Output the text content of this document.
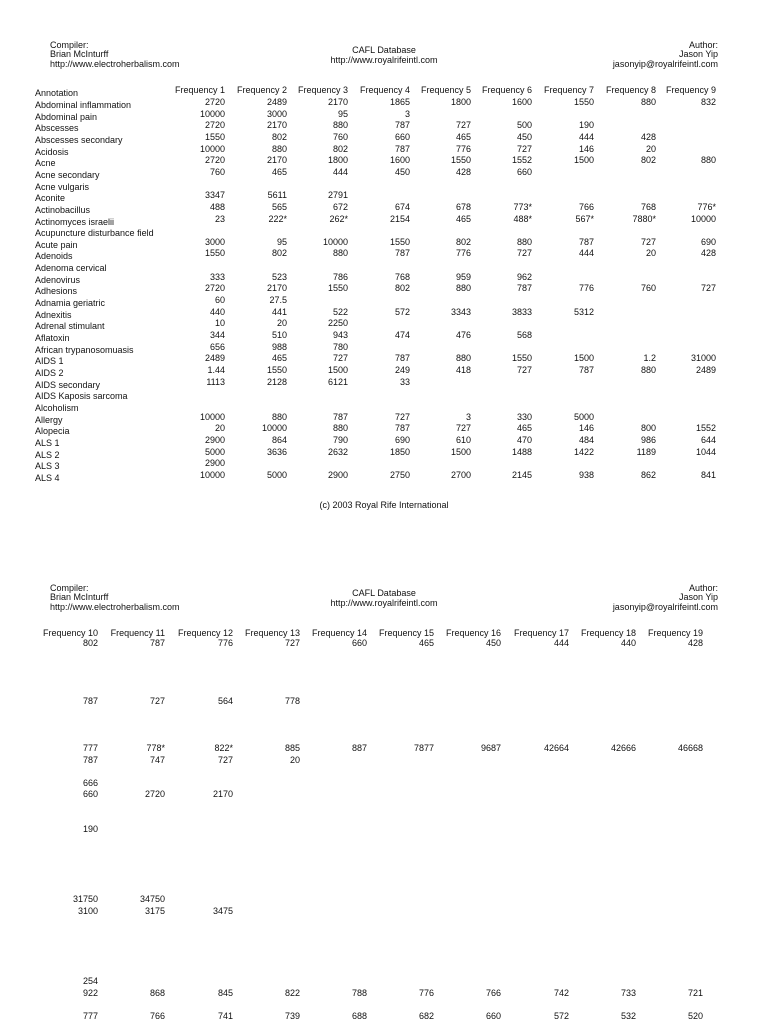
Compiler:
Brian McInturff
http://www.electroherbalism.com
CAFL Database
http://www.royalrifeintl.com
Author:
Jason Yip
jasonyip@royalrifeintl.com
Annotation	Frequency 1 Frequency 2 Frequency 3 Frequency 4 Frequency 5 Frequency 6 Frequency 7 Frequency 8 Frequency 9
Abdominal inflammation	2720	2489	2170	1865	1800	1600	1550	880	832
Abdominal pain	10000	3000	95	3
Abscesses	2720	2170	880	787	727	500	190
Abscesses secondary	1550	802	760	660	465	450	444	428
Acidosis	10000	880	802	787	776	727	146	20
Acne	2720	2170	1800	1600	1550	1552	1500	802	880
Acne secondary	760	465	444	450	428	660
Acne vulgaris
Aconite	3347	5611	2791
Actinobacillus	488	565	672	674	678	773*	766	768	776*
Actinomyces israelii	23	222*	262*	2154	465	488*	567*	7880*	10000
Acupuncture disturbance field
Acute pain	3000	95	10000	1550	802	880	787	727	690
Adenoids	1550	802	880	787	776	727	444	20	428
Adenoma cervical
Adenovirus	333	523	786	768	959	962
Adhesions	2720	2170	1550	802	880	787	776	760	727
Adnamia geriatric	60	27.5
Adnexitis	440	441	522	572	3343	3833	5312
Adrenal stimulant	10	20	2250
Aflatoxin	344	510	943	474	476	568
African trypanosomuasis	656	988	780
AIDS 1	2489	465	727	787	880	1550	1500	1.2	31000
AIDS 2	1.44	1550	1500	249	418	727	787	880	2489
AIDS secondary	1113	2128	6121	33
AIDS Kaposis sarcoma
Alcoholism
Allergy	10000	880	787	727	3	330	5000
Alopecia	20	10000	880	787	727	465	146	800	1552
ALS 1	2900	864	790	690	610	470	484	986	644
ALS 2	5000	3636	2632	1850	1500	1488	1422	1189	1044
ALS 3	2900
ALS 4	10000	5000	2900	2750	2700	2145	938	862	841
(c) 2003 Royal Rife International
Compiler:
Brian McInturff
http://www.electroherbalism.com
CAFL Database
http://www.royalrifeintl.com
Author:
Jason Yip
jasonyip@royalrifeintl.com
Frequency 10 Frequency 11 Frequency 12 Frequency 13 Frequency 14 Frequency 15 Frequency 16 Frequency 17 Frequency 18 Frequency 19
802	787	776	727	660	465	450	444	440	428
787	727	564	778
777	778*	822*	885	887	7877	9687	42664	42666	46668
787	747	727	20
666
660	2720	2170
190
31750	34750
3100	3175	3475
254
922	868	845	822	788	776	766	742	733	721
777	766	741	739	688	682	660	572	532	520
